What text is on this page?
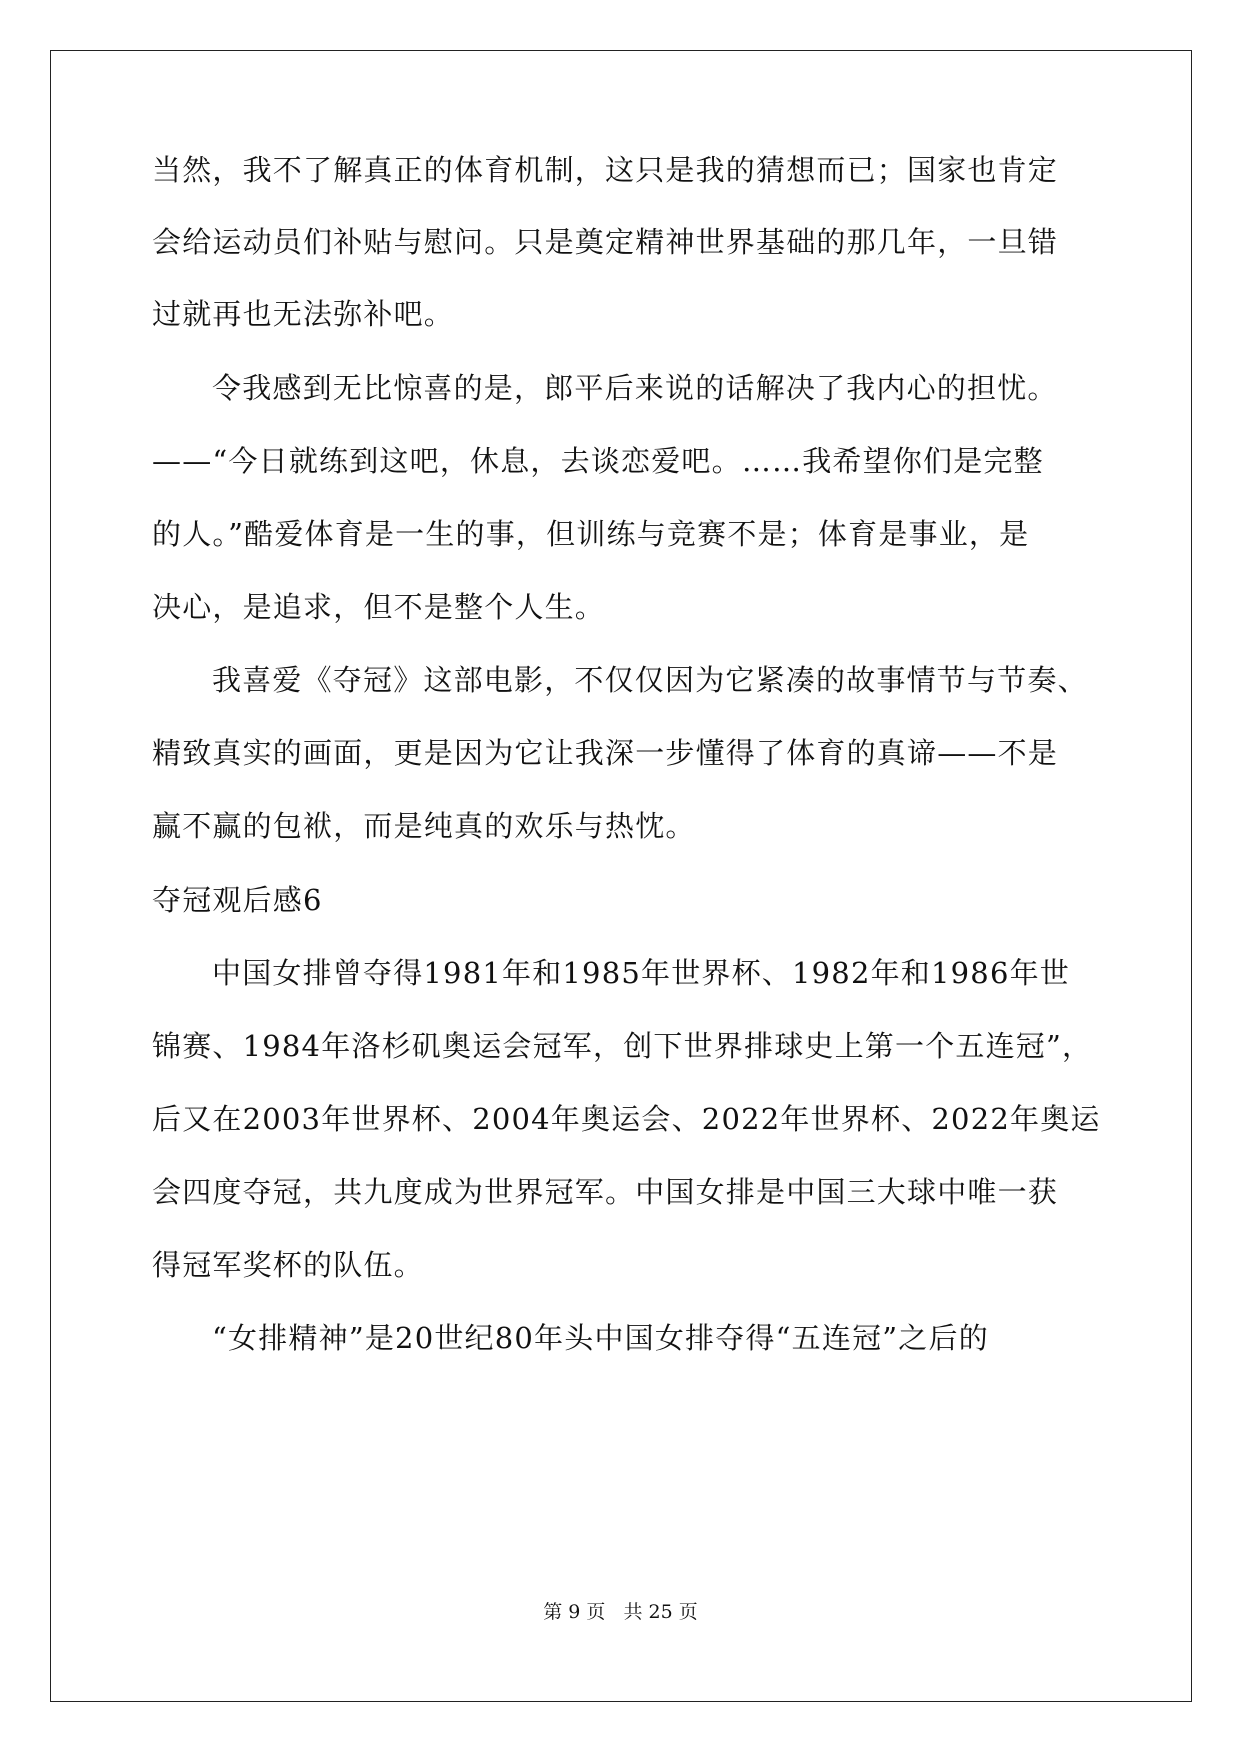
当然，我不了解真正的体育机制，这只是我的猜想而已；国家也肯定
会给运动员们补贴与慰问。只是奠定精神世界基础的那几年，一旦错
过就再也无法弥补吧。
令我感到无比惊喜的是，郎平后来说的话解决了我内心的担忧。
——“今日就练到这吧，休息，去谈恋爱吧。……我希望你们是完整
的人。”酷爱体育是一生的事，但训练与竞赛不是；体育是事业，是
决心，是追求，但不是整个人生。
我喜爱《夺冠》这部电影，不仅仅因为它紧凑的故事情节与节奏、
精致真实的画面，更是因为它让我深一步懂得了体育的真谛——不是
赢不赢的包袱，而是纯真的欢乐与热忱。
夺冠观后感6
中国女排曾夺得1981年和1985年世界杯、1982年和1986年世
锦赛、1984年洛杉矶奥运会冠军，创下世界排球史上第一个五连冠”，
后又在2003年世界杯、2004年奥运会、2022年世界杯、2022年奥运
会四度夺冠，共九度成为世界冠军。中国女排是中国三大球中唯一获
得冠军奖杯的队伍。
“女排精神”是20世纪80年头中国女排夺得“五连冠”之后的
第 9 页 共 25 页
